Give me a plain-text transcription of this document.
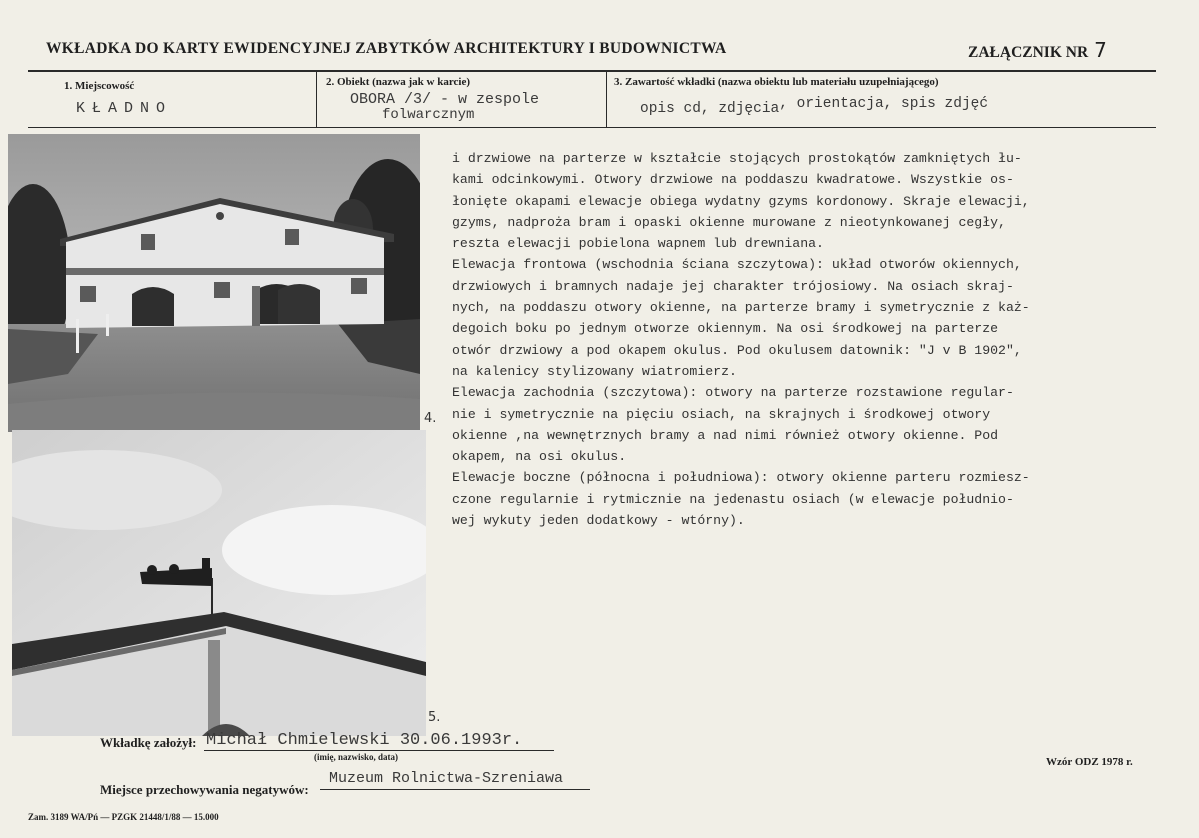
WKŁADKA DO KARTY EWIDENCYJNEJ ZABYTKÓW ARCHITEKTURY I BUDOWNICTWA	ZAŁĄCZNIK NR 7
1. Miejscowość
KŁADNO
2. Obiekt (nazwa jak w karcie)
OBORA /3/ - w zespole
folwarcznym
3. Zawartość wkładki (nazwa obiektu lub materiału uzupełniającego)
opis cd, zdjęcia, orientacja, spis zdjęć
4.
5.
i drzwiowe na parterze w kształcie stojących prostokątów zamkniętych łu-
kami odcinkowymi. Otwory drzwiowe na poddaszu kwadratowe. Wszystkie os-
łonięte okapami elewacje obiega wydatny gzyms kordonowy. Skraje elewacji,
gzyms, nadproża bram i opaski okienne murowane z nieotynkowanej cegły,
reszta elewacji pobielona wapnem lub drewniana.
Elewacja frontowa (wschodnia ściana szczytowa): układ otworów okiennych,
drzwiowych i bramnych nadaje jej charakter trójosiowy. Na osiach skraj-
nych, na poddaszu otwory okienne, na parterze bramy i symetrycznie z każ-
degoich boku po jednym otworze okiennym. Na osi środkowej na parterze
otwór drzwiowy a pod okapem okulus. Pod okulusem datownik: "J v B 1902",
na kalenicy stylizowany wiatromierz.
Elewacja zachodnia (szczytowa): otwory na parterze rozstawione regular-
nie i symetrycznie na pięciu osiach, na skrajnych i środkowej otwory
okienne ,na wewnętrznych bramy a nad nimi również otwory okienne. Pod
okapem, na osi okulus.
Elewacje boczne (północna i południowa): otwory okienne parteru rozmiesz-
czone regularnie i rytmicznie na jedenastu osiach (w elewacje południo-
wej wykuty jeden dodatkowy - wtórny).
Wkładkę założył: Michał Chmielewski 30.06.1993r.
(imię, nazwisko, data)	Wzór ODZ 1978 r.
Miejsce przechowywania negatywów:
Muzeum Rolnictwa-Szreniawa
Zam. 3189 WA/Pń — PZGK 21448/1/88 — 15.000
